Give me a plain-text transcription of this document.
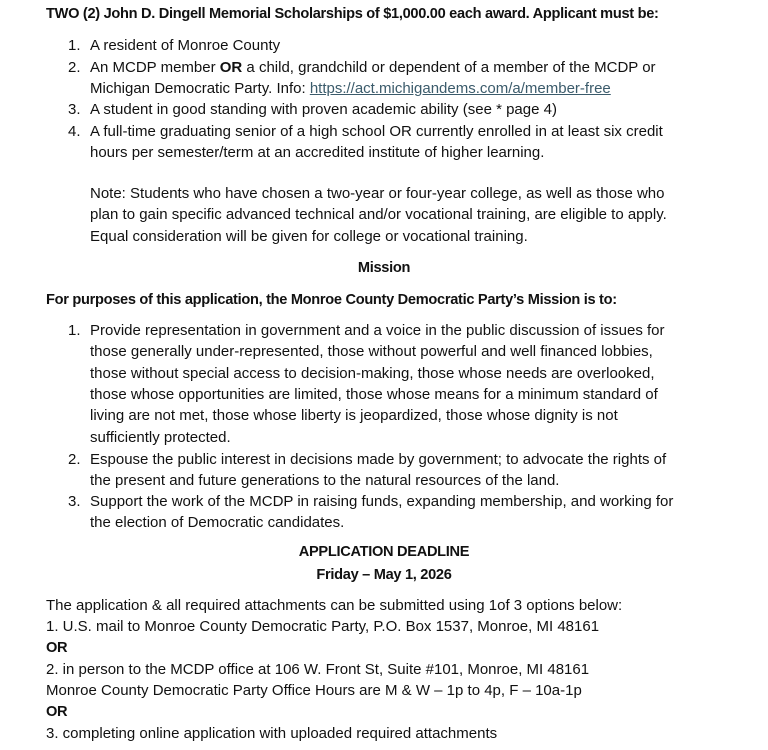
TWO (2) John D. Dingell Memorial Scholarships of $1,000.00 each award. Applicant must be:
1. A resident of Monroe County
2. An MCDP member OR a child, grandchild or dependent of a member of the MCDP or
Michigan Democratic Party. Info: https://act.michigandems.com/a/member-free
3. A student in good standing with proven academic ability (see * page 4)
4. A full-time graduating senior of a high school OR currently enrolled in at least six credit
hours per semester/term at an accredited institute of higher learning.
Note: Students who have chosen a two-year or four-year college, as well as those who
plan to gain specific advanced technical and/or vocational training, are eligible to apply.
Equal consideration will be given for college or vocational training.
Mission
For purposes of this application, the Monroe County Democratic Party’s Mission is to:
1. Provide representation in government and a voice in the public discussion of issues for
those generally under-represented, those without powerful and well financed lobbies,
those without special access to decision-making, those whose needs are overlooked,
those whose opportunities are limited, those whose means for a minimum standard of
living are not met, those whose liberty is jeopardized, those whose dignity is not
sufficiently protected.
2. Espouse the public interest in decisions made by government; to advocate the rights of
the present and future generations to the natural resources of the land.
3. Support the work of the MCDP in raising funds, expanding membership, and working for
the election of Democratic candidates.
APPLICATION DEADLINE
Friday – May 1, 2026
The application & all required attachments can be submitted using 1of 3 options below:
1. U.S. mail to Monroe County Democratic Party, P.O. Box 1537, Monroe, MI 48161
OR
2. in person to the MCDP office at 106 W. Front St, Suite #101, Monroe, MI 48161
Monroe County Democratic Party Office Hours are M & W – 1p to 4p, F – 10a-1p
OR
3. completing online application with uploaded required attachments
